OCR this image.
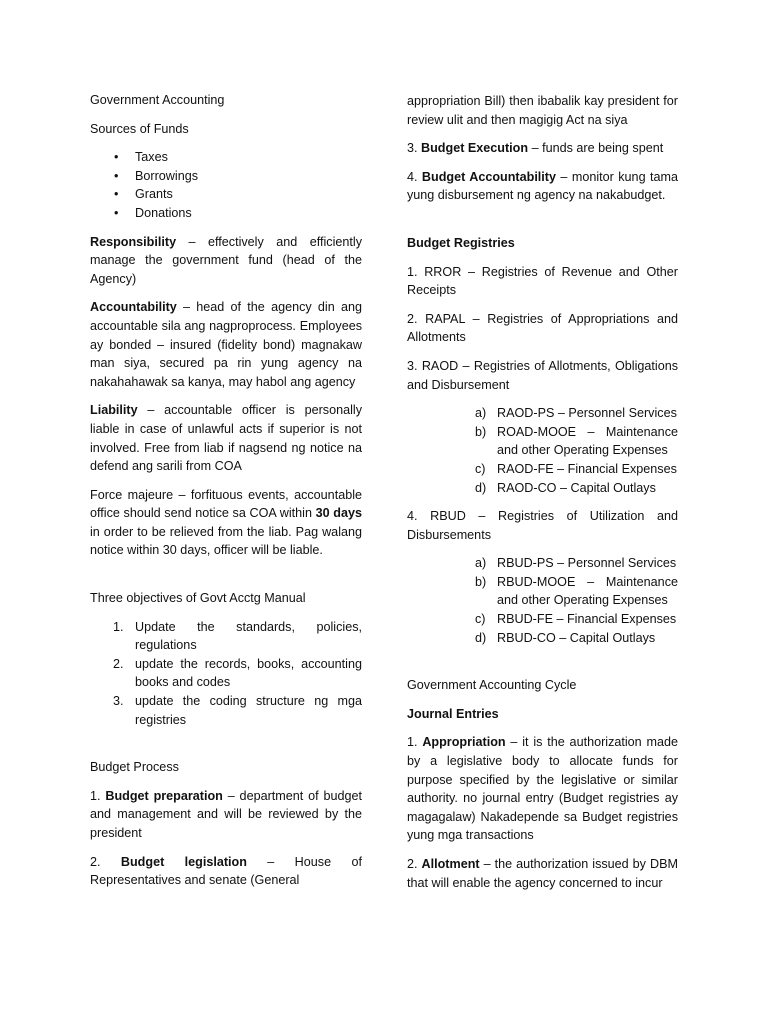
Government Accounting

Sources of Funds

• Taxes
• Borrowings
• Grants
• Donations

Responsibility – effectively and efficiently manage the government fund (head of the Agency)

Accountability – head of the agency din ang accountable sila ang nagproprocess. Employees ay bonded – insured (fidelity bond) magnakaw man siya, secured pa rin yung agency na nakahahawak sa kanya, may habol ang agency

Liability – accountable officer is personally liable in case of unlawful acts if superior is not involved. Free from liab if nagsend ng notice na defend ang sarili from COA

Force majeure – forfituous events, accountable office should send notice sa COA within 30 days in order to be relieved from the liab. Pag walang notice within 30 days, officer will be liable.

Three objectives of Govt Acctg Manual

1. Update the standards, policies, regulations
2. update the records, books, accounting books and codes
3. update the coding structure ng mga registries

Budget Process

1. Budget preparation – department of budget and management and will be reviewed by the president

2. Budget legislation – House of Representatives and senate (General

appropriation Bill) then ibabalik kay president for review ulit and then magigig Act na siya

3. Budget Execution – funds are being spent

4. Budget Accountability – monitor kung tama yung disbursement ng agency na nakabudget.

Budget Registries

1. RROR – Registries of Revenue and Other Receipts

2. RAPAL – Registries of Appropriations and Allotments

3. RAOD – Registries of Allotments, Obligations and Disbursement

a) RAOD-PS – Personnel Services
b) ROAD-MOOE – Maintenance and other Operating Expenses
c) RAOD-FE – Financial Expenses
d) RAOD-CO – Capital Outlays

4. RBUD – Registries of Utilization and Disbursements

a) RBUD-PS – Personnel Services
b) RBUD-MOOE – Maintenance and other Operating Expenses
c) RBUD-FE – Financial Expenses
d) RBUD-CO – Capital Outlays

Government Accounting Cycle

Journal Entries

1. Appropriation – it is the authorization made by a legislative body to allocate funds for purpose specified by the legislative or similar authority. no journal entry (Budget registries ay magagalaw) Nakadepende sa Budget registries yung mga transactions

2. Allotment – the authorization issued by DBM that will enable the agency concerned to incur
